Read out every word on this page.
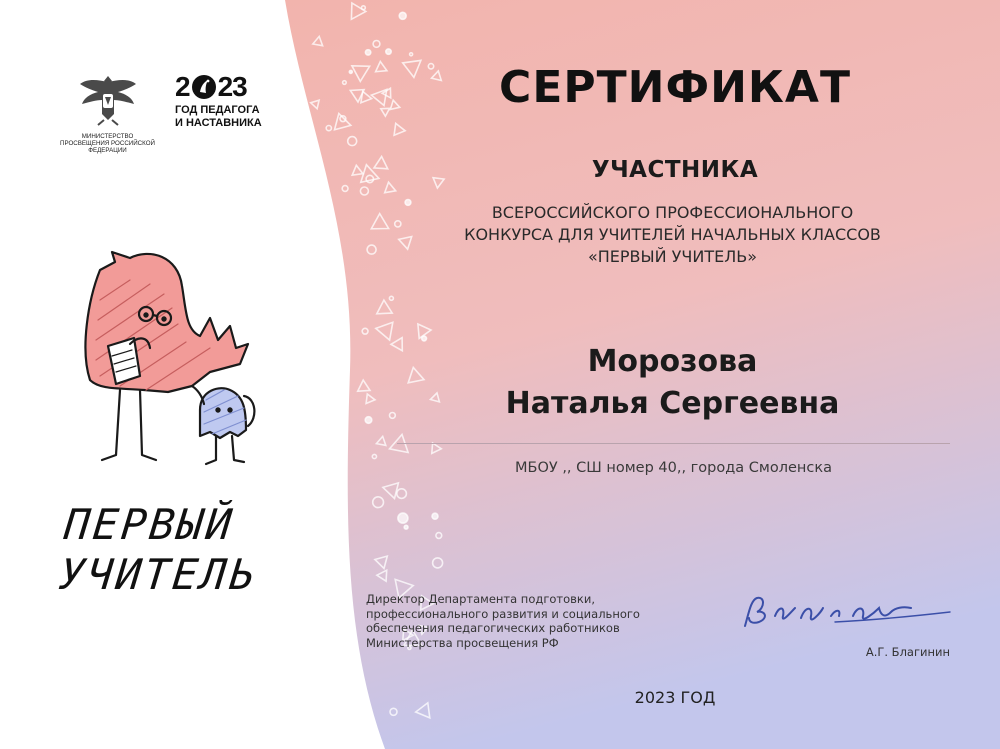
МИНИСТЕРСТВО ПРОСВЕЩЕНИЯ РОССИЙСКОЙ ФЕДЕРАЦИИ
2 2 3
ГОД ПЕДАГОГА
И НАСТАВНИКА
ПЕРВЫЙ
УЧИТЕЛЬ
СЕРТИФИКАТ
УЧАСТНИКА
ВСЕРОССИЙСКОГО ПРОФЕССИОНАЛЬНОГО
КОНКУРСА ДЛЯ УЧИТЕЛЕЙ НАЧАЛЬНЫХ КЛАССОВ
«ПЕРВЫЙ УЧИТЕЛЬ»
Морозова
Наталья Сергеевна
МБОУ ,, СШ номер 40,, города Смоленска
Директор Департамента подготовки,
профессионального развития и социального
обеспечения педагогических работников
Министерства просвещения РФ
А.Г. Благинин
2023 ГОД
